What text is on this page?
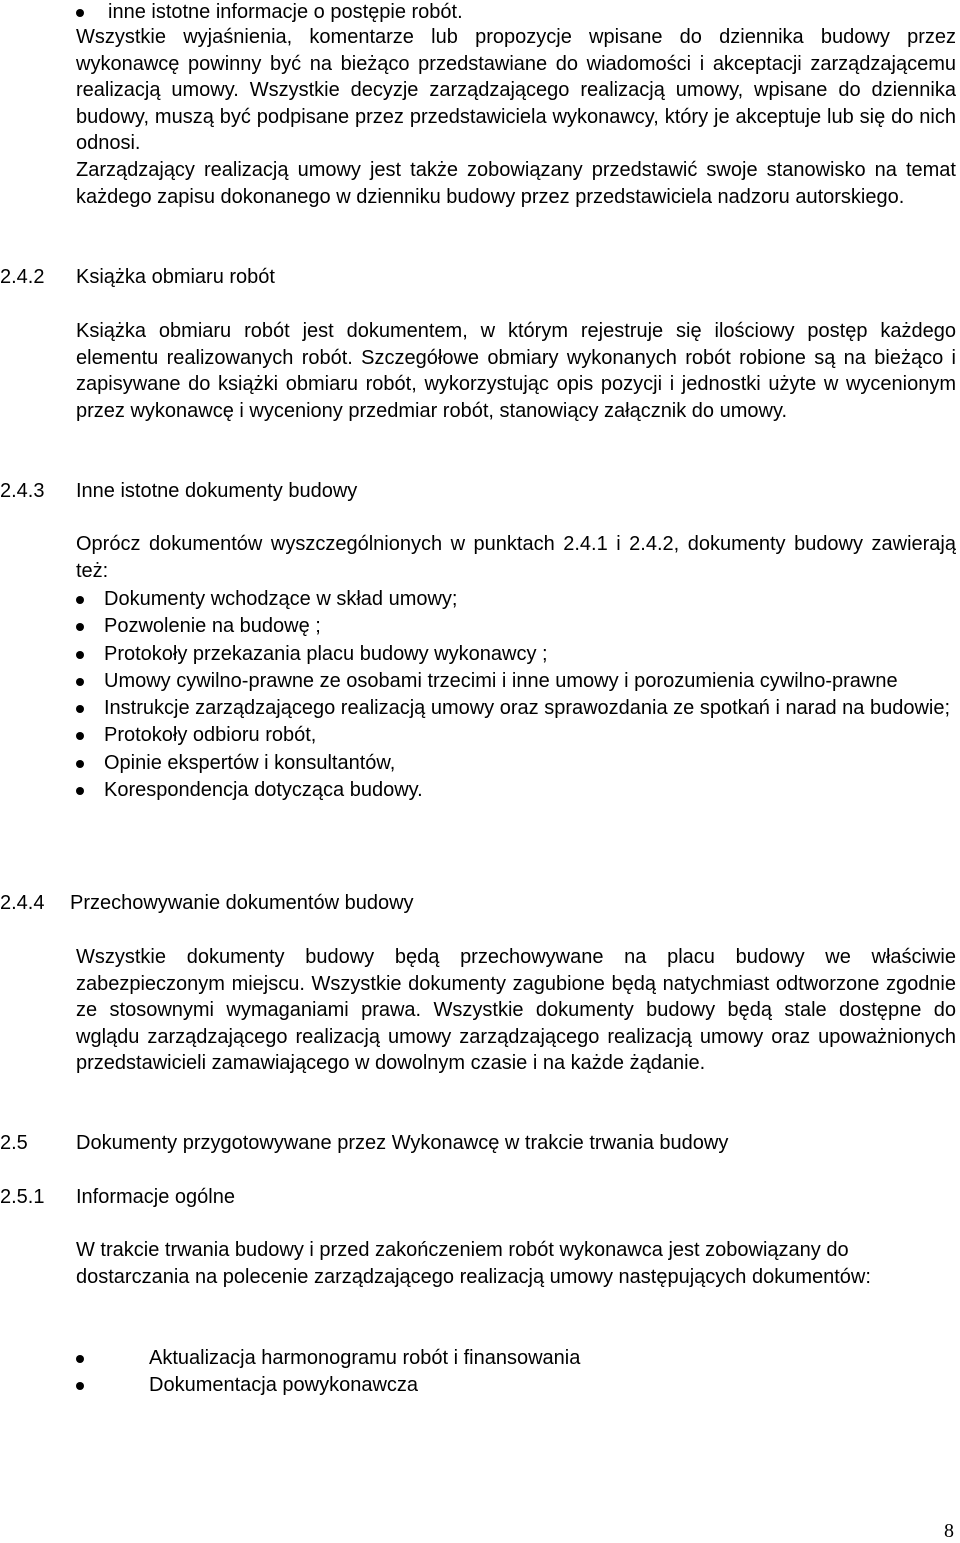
inne istotne informacje o postępie robót.

Wszystkie wyjaśnienia, komentarze lub propozycje wpisane do dziennika budowy przez wykonawcę powinny być na bieżąco przedstawiane do wiadomości i akceptacji zarządzającemu realizacją umowy. Wszystkie decyzje zarządzającego realizacją umowy, wpisane do dziennika budowy, muszą być podpisane przez przedstawiciela wykonawcy, który je akceptuje lub się do nich odnosi.

Zarządzający realizacją umowy jest także zobowiązany przedstawić swoje stanowisko na temat każdego zapisu dokonanego w dzienniku budowy przez przedstawiciela nadzoru autorskiego.

2.4.2 Książka obmiaru robót

Książka obmiaru robót jest dokumentem, w którym rejestruje się ilościowy postęp każdego elementu realizowanych robót. Szczegółowe obmiary wykonanych robót robione są na bieżąco i zapisywane do książki obmiaru robót, wykorzystując opis pozycji i jednostki użyte w wycenionym przez wykonawcę i wyceniony przedmiar robót, stanowiący załącznik do umowy.

2.4.3 Inne istotne dokumenty budowy

Oprócz dokumentów wyszczególnionych w punktach 2.4.1 i 2.4.2, dokumenty budowy zawierają też:

Dokumenty wchodzące w skład umowy;
Pozwolenie na budowę ;
Protokoły przekazania placu budowy wykonawcy ;
Umowy cywilno-prawne ze osobami trzecimi i inne umowy i porozumienia cywilno-prawne
Instrukcje zarządzającego realizacją umowy oraz sprawozdania ze spotkań i narad na budowie;
Protokoły odbioru robót,
Opinie ekspertów i konsultantów,
Korespondencja dotycząca budowy.
2.4.4 Przechowywanie dokumentów budowy

Wszystkie dokumenty budowy będą przechowywane na placu budowy we właściwie zabezpieczonym miejscu. Wszystkie dokumenty zagubione będą natychmiast odtworzone zgodnie ze stosownymi wymaganiami prawa. Wszystkie dokumenty budowy będą stale dostępne do wglądu zarządzającego realizacją umowy zarządzającego realizacją umowy oraz upoważnionych przedstawicieli zamawiającego w dowolnym czasie i na każde żądanie.

2.5 Dokumenty przygotowywane przez Wykonawcę w trakcie trwania budowy
2.5.1 Informacje ogólne

W trakcie trwania budowy i przed zakończeniem robót wykonawca jest zobowiązany do dostarczania na polecenie zarządzającego realizacją umowy następujących dokumentów:

Aktualizacja harmonogramu robót i finansowania
Dokumentacja powykonawcza
8
